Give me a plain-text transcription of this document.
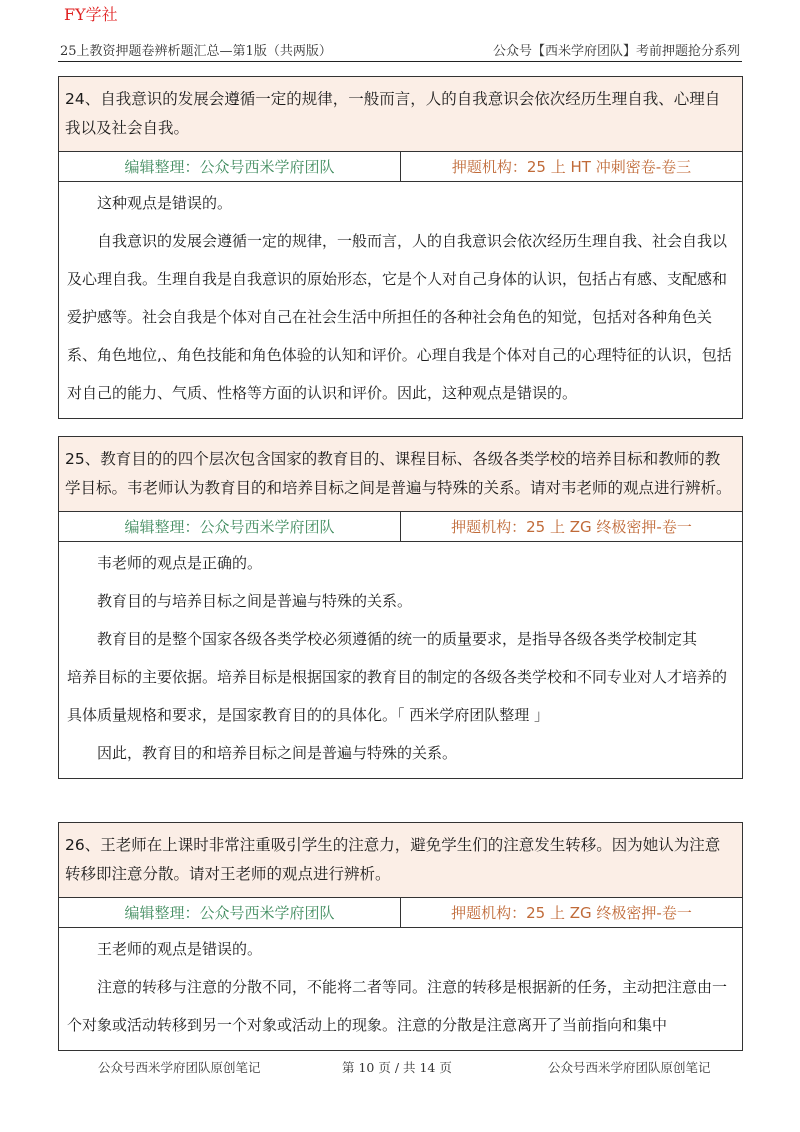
FY学社
25上教资押题卷辨析题汇总—第1版（共两版）	公众号【西米学府团队】考前押题抢分系列
24、自我意识的发展会遵循一定的规律，一般而言，人的自我意识会依次经历生理自我、心理自我以及社会自我。
编辑整理：公众号西米学府团队	押题机构：25 上 HT 冲刺密卷-卷三

这种观点是错误的。

自我意识的发展会遵循一定的规律，一般而言，人的自我意识会依次经历生理自我、社会自我以及心理自我。生理自我是自我意识的原始形态，它是个人对自己身体的认识，包括占有感、支配感和爱护感等。社会自我是个体对自己在社会生活中所担任的各种社会角色的知觉，包括对各种角色关系、角色地位,、角色技能和角色体验的认知和评价。心理自我是个体对自己的心理特征的认识，包括对自己的能力、气质、性格等方面的认识和评价。因此，这种观点是错误的。

25、教育目的的四个层次包含国家的教育目的、课程目标、各级各类学校的培养目标和教师的教学目标。韦老师认为教育目的和培养目标之间是普遍与特殊的关系。请对韦老师的观点进行辨析。
编辑整理：公众号西米学府团队	押题机构：25 上 ZG 终极密押-卷一

韦老师的观点是正确的。

教育目的与培养目标之间是普遍与特殊的关系。

教育目的是整个国家各级各类学校必须遵循的统一的质量要求，是指导各级各类学校制定其

培养目标的主要依据。培养目标是根据国家的教育目的制定的各级各类学校和不同专业对人才培养的具体质量规格和要求，是国家教育目的的具体化。「 西米学府团队整理 」

因此，教育目的和培养目标之间是普遍与特殊的关系。

26、王老师在上课时非常注重吸引学生的注意力，避免学生们的注意发生转移。因为她认为注意转移即注意分散。请对王老师的观点进行辨析。
编辑整理：公众号西米学府团队	押题机构：25 上 ZG 终极密押-卷一

王老师的观点是错误的。

注意的转移与注意的分散不同，不能将二者等同。注意的转移是根据新的任务，主动把注意由一个对象或活动转移到另一个对象或活动上的现象。注意的分散是注意离开了当前指向和集中

公众号西米学府团队原创笔记	第 10 页 / 共 14 页	公众号西米学府团队原创笔记
